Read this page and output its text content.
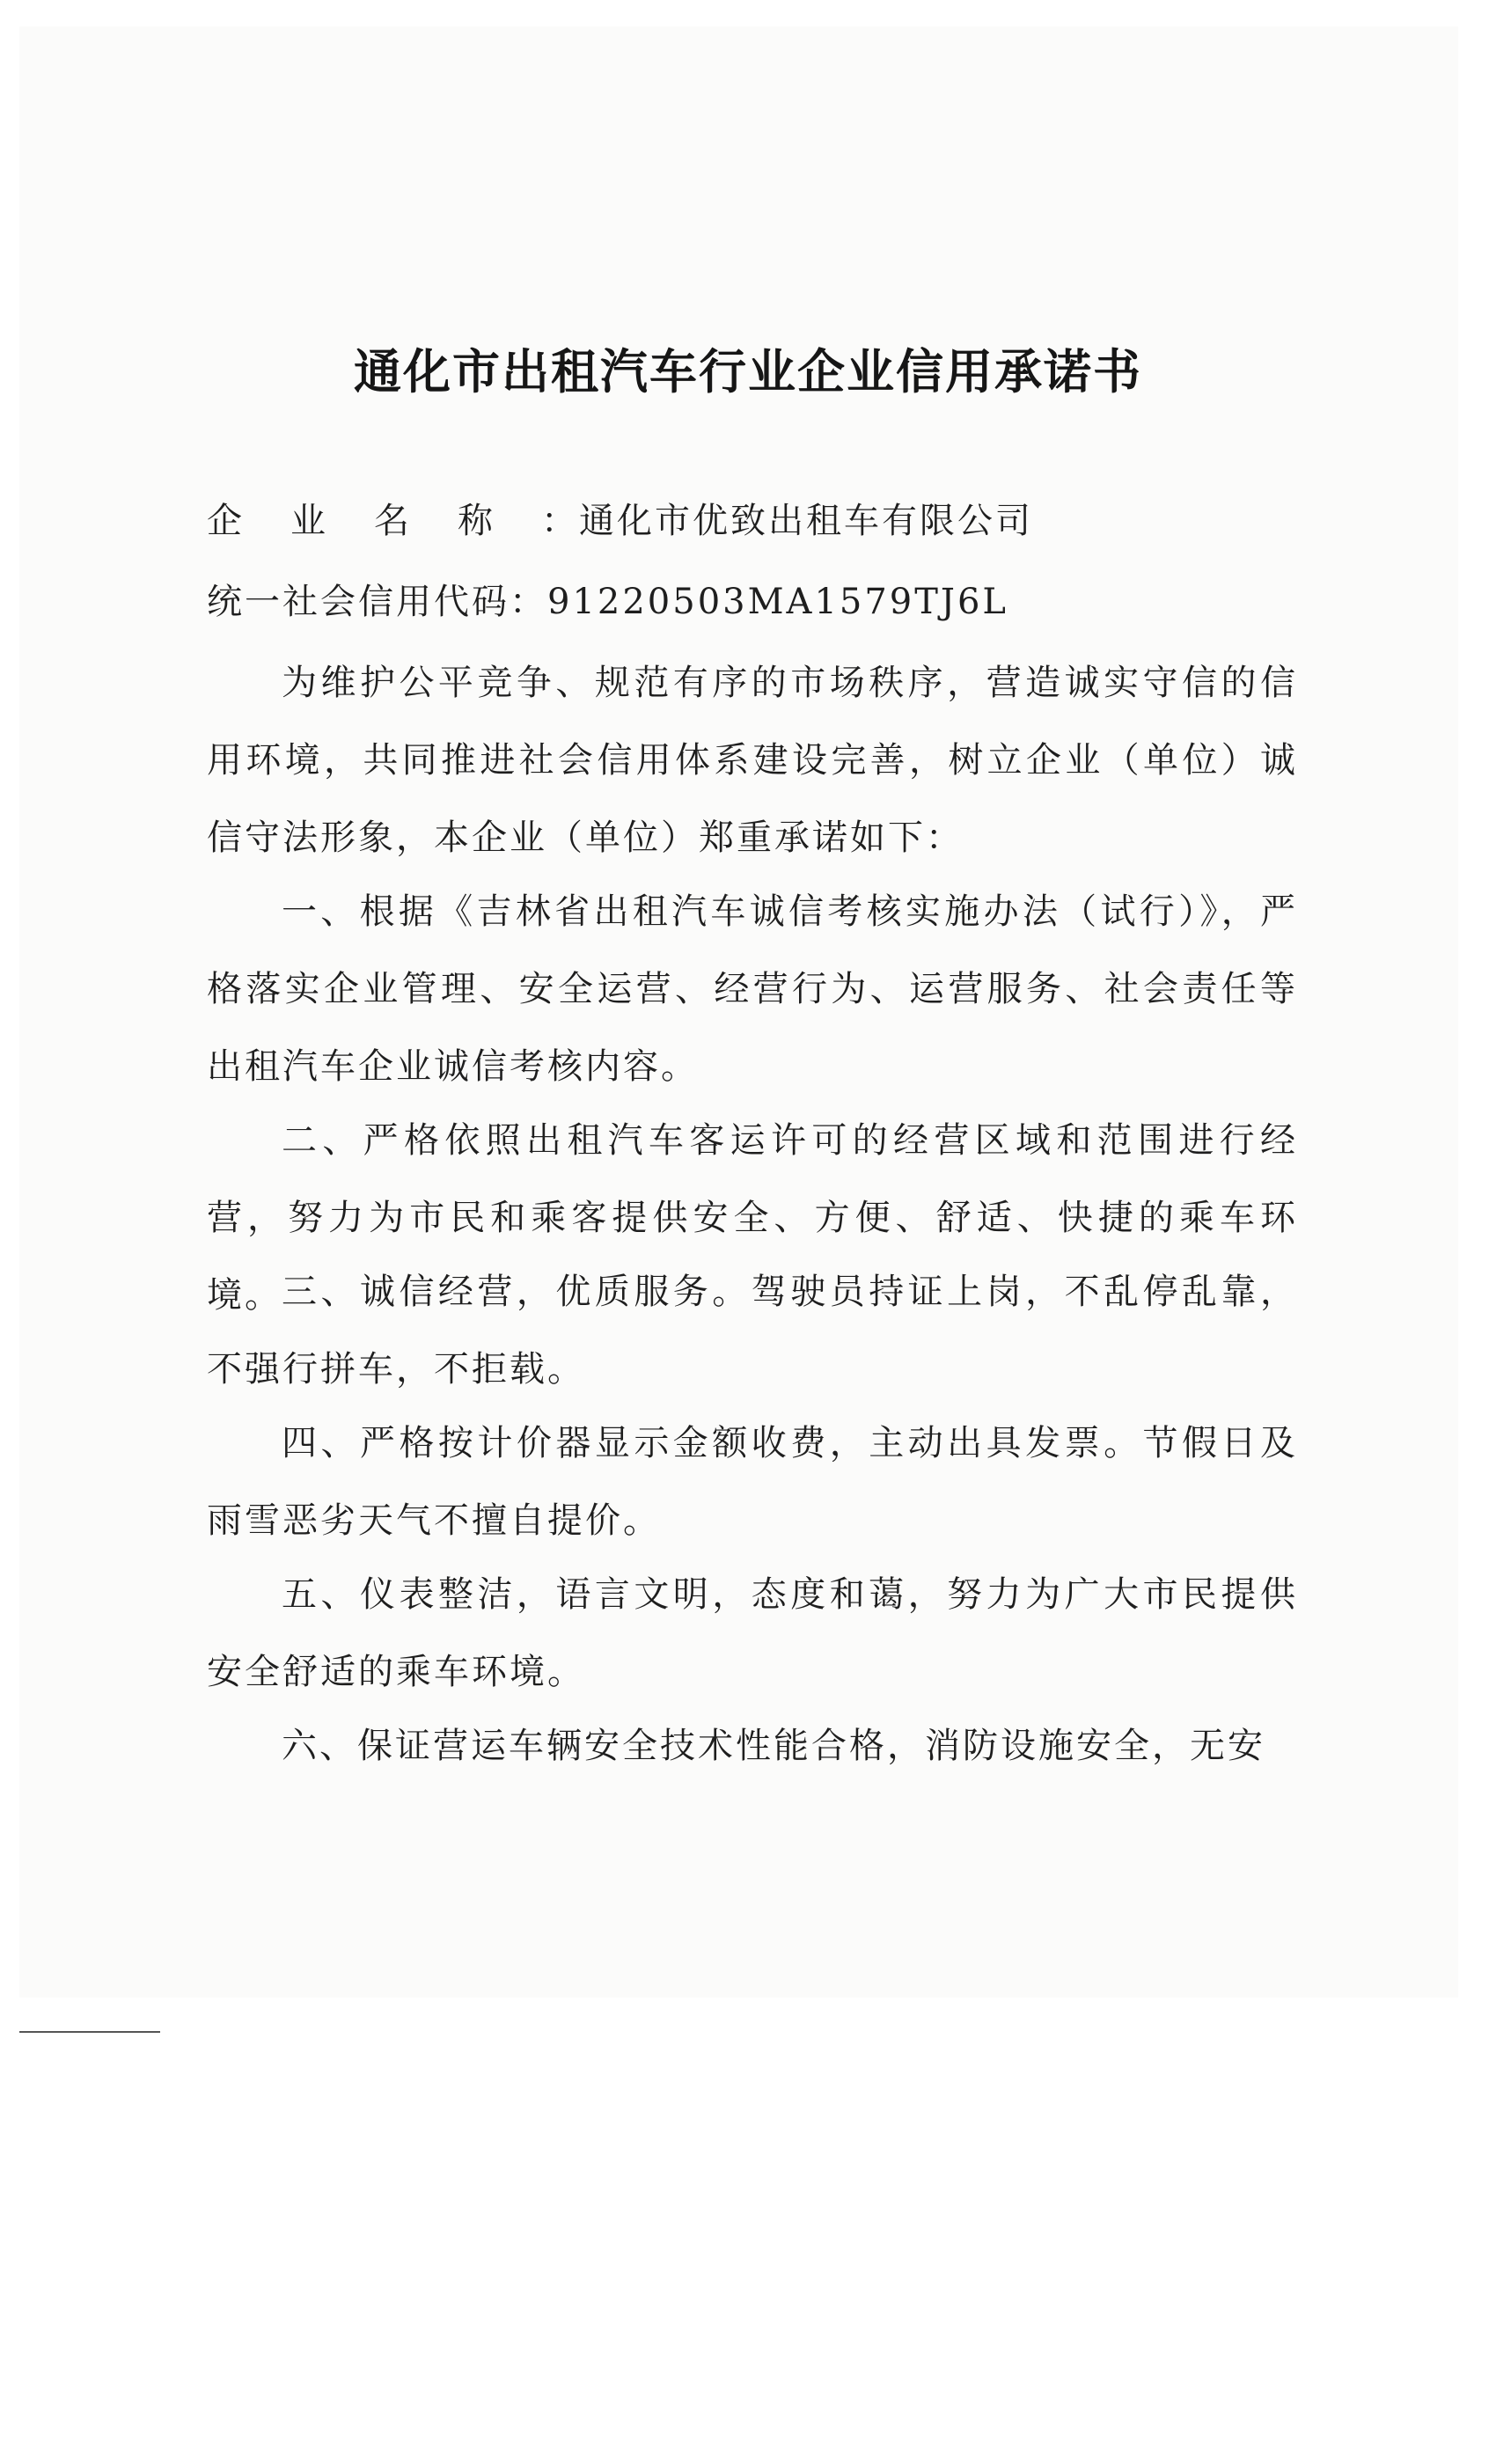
通化市出租汽车行业企业信用承诺书
企 业 名 称 ：通化市优致出租车有限公司
统一社会信用代码：91220503MA1579TJ6L
为维护公平竞争、规范有序的市场秩序，营造诚实守信的信用环境，共同推进社会信用体系建设完善，树立企业（单位）诚信守法形象，本企业（单位）郑重承诺如下：
一、根据《吉林省出租汽车诚信考核实施办法（试行）》，严格落实企业管理、安全运营、经营行为、运营服务、社会责任等出租汽车企业诚信考核内容。
二、严格依照出租汽车客运许可的经营区域和范围进行经营，努力为市民和乘客提供安全、方便、舒适、快捷的乘车环境。 三、诚信经营，优质服务。驾驶员持证上岗，不乱停乱靠，不强行拼车，不拒载。
四、严格按计价器显示金额收费，主动出具发票。节假日及雨雪恶劣天气不擅自提价。
五、仪表整洁，语言文明，态度和蔼，努力为广大市民提供安全舒适的乘车环境。
六、保证营运车辆安全技术性能合格，消防设施安全，无安
